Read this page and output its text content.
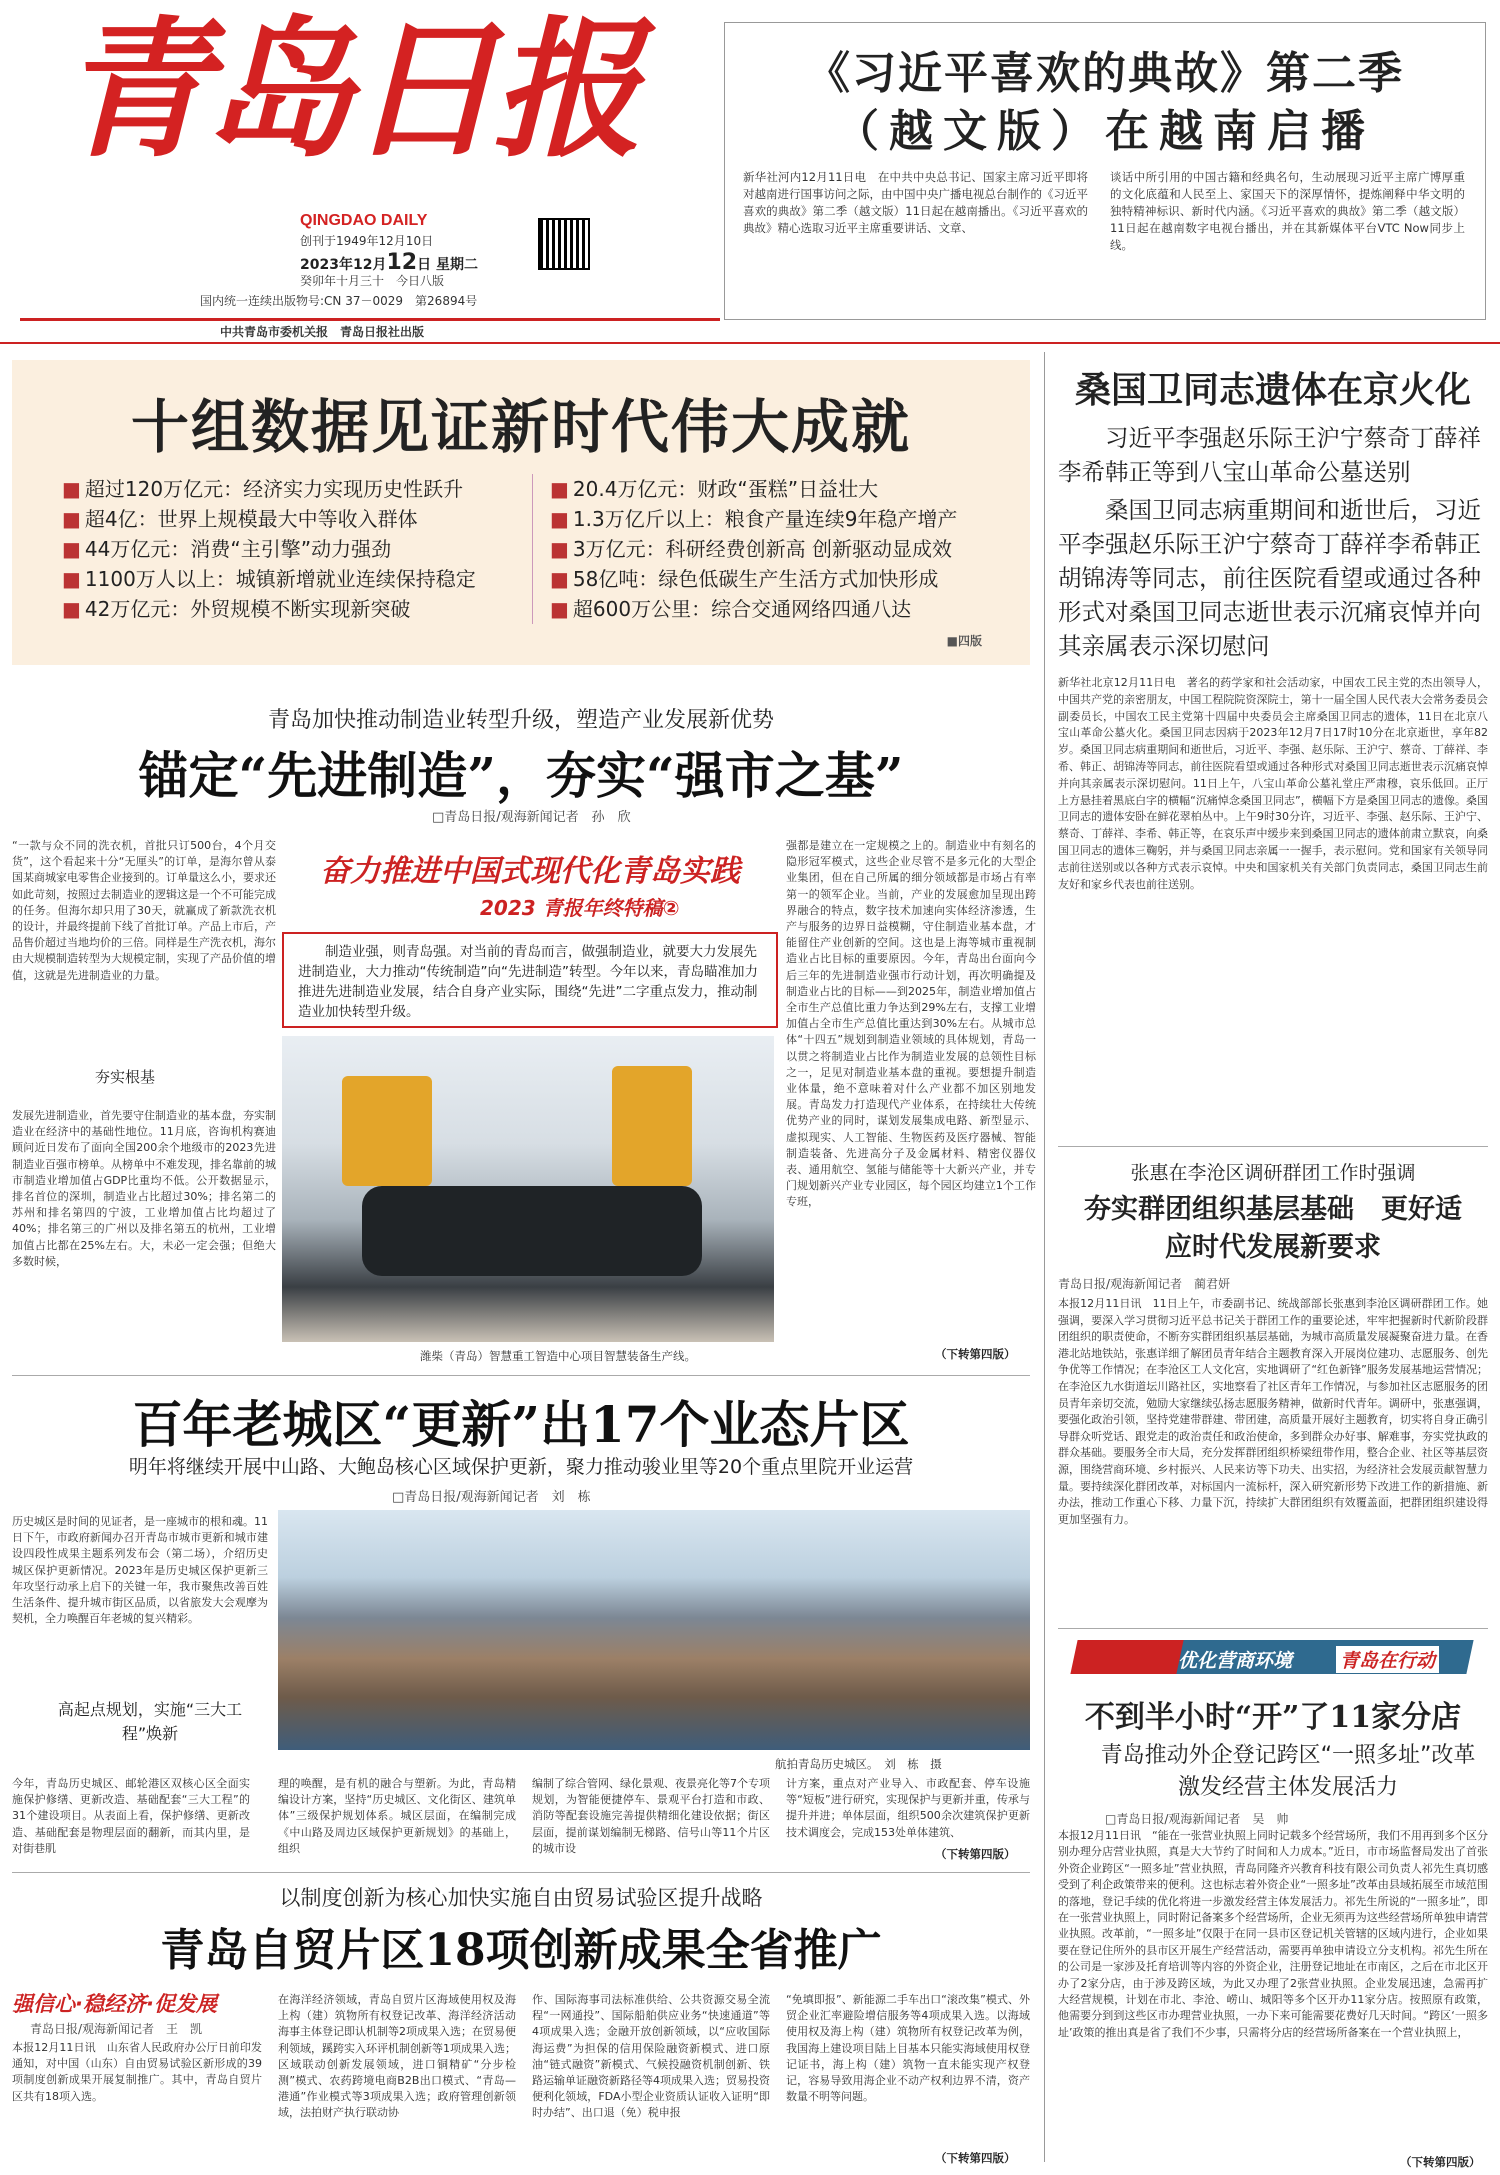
青岛日报
QINGDAO DAILY
创刊于1949年12月10日
2023年12月12日 星期二
癸卯年十月三十　 今日八版
国内统一连续出版物号:CN 37－0029　 第26894号
中共青岛市委机关报　青岛日报社出版
《习近平喜欢的典故》第二季
（越文版）在越南启播
新华社河内12月11日电　在中共中央总书记、国家主席习近平即将对越南进行国事访问之际，由中国中央广播电视总台制作的《习近平喜欢的典故》第二季（越文版）11日起在越南播出。《习近平喜欢的典故》精心选取习近平主席重要讲话、文章、
谈话中所引用的中国古籍和经典名句，生动展现习近平主席广博厚重的文化底蕴和人民至上、家国天下的深厚情怀，提炼阐释中华文明的独特精神标识、新时代内涵。《习近平喜欢的典故》第二季（越文版）11日起在越南数字电视台播出，并在其新媒体平台VTC Now同步上线。
十组数据见证新时代伟大成就
■ 超过120万亿元：经济实力实现历史性跃升
■ 超4亿：世界上规模最大中等收入群体
■ 44万亿元：消费“主引擎”动力强劲
■ 1100万人以上：城镇新增就业连续保持稳定
■ 42万亿元：外贸规模不断实现新突破
■ 20.4万亿元：财政“蛋糕”日益壮大
■ 1.3万亿斤以上：粮食产量连续9年稳产增产
■ 3万亿元：科研经费创新高 创新驱动显成效
■ 58亿吨：绿色低碳生产生活方式加快形成
■ 超600万公里：综合交通网络四通八达
■四版
桑国卫同志遗体在京火化
习近平李强赵乐际王沪宁蔡奇丁薛祥李希韩正等到八宝山革命公墓送别
桑国卫同志病重期间和逝世后，习近平李强赵乐际王沪宁蔡奇丁薛祥李希韩正胡锦涛等同志，前往医院看望或通过各种形式对桑国卫同志逝世表示沉痛哀悼并向其亲属表示深切慰问
新华社北京12月11日电　著名的药学家和社会活动家，中国农工民主党的杰出领导人，中国共产党的亲密朋友，中国工程院院资深院士，第十一届全国人民代表大会常务委员会副委员长，中国农工民主党第十四届中央委员会主席桑国卫同志的遗体，11日在北京八宝山革命公墓火化。桑国卫同志因病于2023年12月7日17时10分在北京逝世，享年82岁。桑国卫同志病重期间和逝世后，习近平、李强、赵乐际、王沪宁、蔡奇、丁薛祥、李希、韩正、胡锦涛等同志，前往医院看望或通过各种形式对桑国卫同志逝世表示沉痛哀悼并向其亲属表示深切慰问。11日上午，八宝山革命公墓礼堂庄严肃穆，哀乐低回。正厅上方悬挂着黑底白字的横幅“沉痛悼念桑国卫同志”，横幅下方是桑国卫同志的遗像。桑国卫同志的遗体安卧在鲜花翠柏丛中。上午9时30分许，习近平、李强、赵乐际、王沪宁、蔡奇、丁薛祥、李希、韩正等，在哀乐声中缓步来到桑国卫同志的遗体前肃立默哀，向桑国卫同志的遗体三鞠躬，并与桑国卫同志亲属一一握手，表示慰问。党和国家有关领导同志前往送别或以各种方式表示哀悼。中央和国家机关有关部门负责同志，桑国卫同志生前友好和家乡代表也前往送别。
青岛加快推动制造业转型升级，塑造产业发展新优势
锚定“先进制造”，夯实“强市之基”
□青岛日报/观海新闻记者　孙　欣
“一款与众不同的洗衣机，首批只订500台，4个月交货”，这个看起来十分“无厘头”的订单，是海尔曾从泰国某商城家电零售企业接到的。订单量这么小，要求还如此苛刻，按照过去制造业的逻辑这是一个不可能完成的任务。但海尔却只用了30天，就赢成了新款洗衣机的设计，并最终提前下线了首批订单。产品上市后，产品售价超过当地均价的三倍。同样是生产洗衣机，海尔由大规模制造转型为大规模定制，实现了产品价值的增值，这就是先进制造业的力量。
夯实根基
发展先进制造业，首先要守住制造业的基本盘，夯实制造业在经济中的基础性地位。11月底，咨询机构赛迪顾问近日发布了面向全国200余个地级市的2023先进制造业百强市榜单。从榜单中不难发现，排名靠前的城市制造业增加值占GDP比重均不低。公开数据显示，排名首位的深圳，制造业占比超过30%；排名第二的苏州和排名第四的宁波，工业增加值占比均超过了40%；排名第三的广州以及排名第五的杭州，工业增加值占比都在25%左右。大，未必一定会强；但绝大多数时候，
奋力推进中国式现代化青岛实践
2023 青报年终特稿②
制造业强，则青岛强。对当前的青岛而言，做强制造业，就要大力发展先进制造业，大力推动“传统制造”向“先进制造”转型。今年以来，青岛瞄准加力推进先进制造业发展，结合自身产业实际，围绕“先进”二字重点发力，推动制造业加快转型升级。
潍柴（青岛）智慧重工智造中心项目智慧装备生产线。
强都是建立在一定规模之上的。制造业中有刻名的隐形冠军模式，这些企业尽管不是多元化的大型企业集团，但在自己所属的细分领域都是市场占有率第一的领军企业。当前，产业的发展愈加呈现出跨界融合的特点，数字技术加速向实体经济渗透，生产与服务的边界日益模糊，守住制造业基本盘，才能留住产业创新的空间。这也是上海等城市重视制造业占比目标的重要原因。今年，青岛出台面向今后三年的先进制造业强市行动计划，再次明确提及制造业占比的目标——到2025年，制造业增加值占全市生产总值比重力争达到29%左右，支撑工业增加值占全市生产总值比重达到30%左右。从城市总体“十四五”规划到制造业领域的具体规划，青岛一以贯之将制造业占比作为制造业发展的总领性目标之一，足见对制造业基本盘的重视。要想提升制造业体量，绝不意味着对什么产业都不加区别地发展。青岛发力打造现代产业体系，在持续壮大传统优势产业的同时，谋划发展集成电路、新型显示、虚拟现实、人工智能、生物医药及医疗器械、智能制造装备、先进高分子及金属材料、精密仪器仪表、通用航空、氢能与储能等十大新兴产业，并专门规划新兴产业专业园区，每个园区均建立1个工作专班，
（下转第四版）
百年老城区“更新”出17个业态片区
明年将继续开展中山路、大鲍岛核心区域保护更新，聚力推动骏业里等20个重点里院开业运营
□青岛日报/观海新闻记者　刘　栋
历史城区是时间的见证者，是一座城市的根和魂。11日下午，市政府新闻办召开青岛市城市更新和城市建设四段性成果主题系列发布会（第二场），介绍历史城区保护更新情况。2023年是历史城区保护更新三年攻坚行动承上启下的关键一年，我市聚焦改善百姓生活条件、提升城市街区品质，以省旅发大会观摩为契机，全力唤醒百年老城的复兴精彩。
高起点规划，实施“三大工程”焕新
航拍青岛历史城区。　刘　栋　摄
今年，青岛历史城区、邮轮港区双核心区全面实施保护修缮、更新改造、基础配套“三大工程”的31个建设项目。从表面上看，保护修缮、更新改造、基础配套是物理层面的翻新，而其内里，是对街巷肌
理的唤醒，是有机的融合与塑新。为此，青岛精编设计方案，坚持“历史城区、文化街区、建筑单体”三级保护规划体系。城区层面，在编制完成《中山路及周边区域保护更新规划》的基础上，组织
编制了综合管网、绿化景观、夜景亮化等7个专项规划，为智能便捷停车、景观平台打造和市政、消防等配套设施完善提供精细化建设依据；街区层面，提前谋划编制无梯路、信号山等11个片区的城市设
计方案，重点对产业导入、市政配套、停车设施等“短板”进行研究，实现保护与更新并重，传承与提升并进；单体层面，组织500余次建筑保护更新技术调度会，完成153处单体建筑、
（下转第四版）
以制度创新为核心加快实施自由贸易试验区提升战略
青岛自贸片区18项创新成果全省推广
强信心·稳经济·促发展
青岛日报/观海新闻记者　王　凯
本报12月11日讯　山东省人民政府办公厅日前印发通知，对中国（山东）自由贸易试验区新形成的39项制度创新成果开展复制推广。其中，青岛自贸片区共有18项入选。
在海洋经济领域，青岛自贸片区海域使用权及海上构（建）筑物所有权登记改革、海洋经济活动海事主体登记即认机制等2项成果入选；在贸易便利领域，蹊跨实入环评机制创新等1项成果入选；区域联动创新发展领域，进口铜精矿“分步检测”模式、农药跨境电商B2B出口模式、“青岛—港通”作业模式等3项成果入选；政府管理创新领域，法拍财产执行联动协
作、国际海事司法标准供给、公共资源交易全流程“一网通投”、国际船舶供应业务“快速通道”等4项成果入选；金融开放创新领域，以“应收国际海运费”为担保的信用保险融资新模式、进口原油“链式融资”新模式、气候投融资机制创新、铁路运输单证融资新路径等4项成果入选；贸易投资便利化领域，FDA小型企业资质认证收入证明“即时办结”、出口退（免）税申报
“免填即报”、新能源二手车出口“滚改集”模式、外贸企业汇率避险增信服务等4项成果入选。以海域使用权及海上构（建）筑物所有权登记改革为例，我国海上建设项目陆上目基本只能实海域使用权登记证书，海上构（建）筑物一直未能实现产权登记，容易导致用海企业不动产权利边界不清，资产数量不明等问题。
（下转第四版）
张惠在李沧区调研群团工作时强调
夯实群团组织基层基础　更好适应时代发展新要求
青岛日报/观海新闻记者　蔺君妍
本报12月11日讯　11日上午，市委副书记、统战部部长张惠到李沧区调研群团工作。她强调，要深入学习贯彻习近平总书记关于群团工作的重要论述，牢牢把握新时代新阶段群团组织的职责使命，不断夯实群团组织基层基础，为城市高质量发展凝聚奋进力量。在香港北站地铁站，张惠详细了解团员青年结合主题教育深入开展岗位建功、志愿服务、创先争优等工作情况；在李沧区工人文化宫，实地调研了“红色新锋”服务发展基地运营情况；在李沧区九水街道坛川路社区，实地察看了社区青年工作情况，与参加社区志愿服务的团员青年亲切交流，勉励大家继续弘扬志愿服务精神，做新时代青年。调研中，张惠强调，要强化政治引领，坚持党建带群建、带团建，高质量开展好主题教育，切实将自身正确引导群众听党话、跟党走的政治责任和政治使命，多到群众办好事、解难事，夯实党执政的群众基础。要服务全市大局，充分发挥群团组织桥梁纽带作用，整合企业、社区等基层资源，围绕营商环境、乡村振兴、人民来访等下功夫、出实招，为经济社会发展贡献智慧力量。要持续深化群团改革，对标国内一流标杆，深入研究新形势下改进工作的新措施、新办法，推动工作重心下移、力量下沉，持续扩大群团组织有效覆盖面，把群团组织建设得更加坚强有力。
优化营商环境	青岛在行动
不到半小时“开”了11家分店
青岛推动外企登记跨区“一照多址”改革激发经营主体发展活力
□青岛日报/观海新闻记者　吴　帅
本报12月11日讯　“能在一张营业执照上同时记载多个经营场所，我们不用再到多个区分别办理分店营业执照，真是大大节约了时间和人力成本。”近日，市市场监督局发出了首张外资企业跨区“一照多址”营业执照，青岛同隆齐兴教育科技有限公司负责人祁先生真切感受到了利企政策带来的便利。这也标志着外资企业“一照多址”改革由县域拓展至市域范围的落地，登记手续的优化将进一步激发经营主体发展活力。祁先生所说的“一照多址”，即在一张营业执照上，同时附记备案多个经营场所，企业无须再为这些经营场所单独申请营业执照。改革前，“一照多址”仅限于在同一县市区登记机关管辖的区域内进行，企业如果要在登记住所外的县市区开展生产经营活动，需要再单独申请设立分支机构。祁先生所在的公司是一家涉及托育培训等内容的外资企业，注册登记地址在市南区，之后在市北区开办了2家分店，由于涉及跨区域，为此又办理了2张营业执照。企业发展迅速，急需再扩大经营规模，计划在市北、李沧、崂山、城阳等多个区开办11家分店。按照原有政策，他需要分到到这些区市办理营业执照，一办下来可能需要花费好几天时间。“跨区‘一照多址’政策的推出真是省了我们不少事，只需将分店的经营场所备案在一个营业执照上，
（下转第四版）
